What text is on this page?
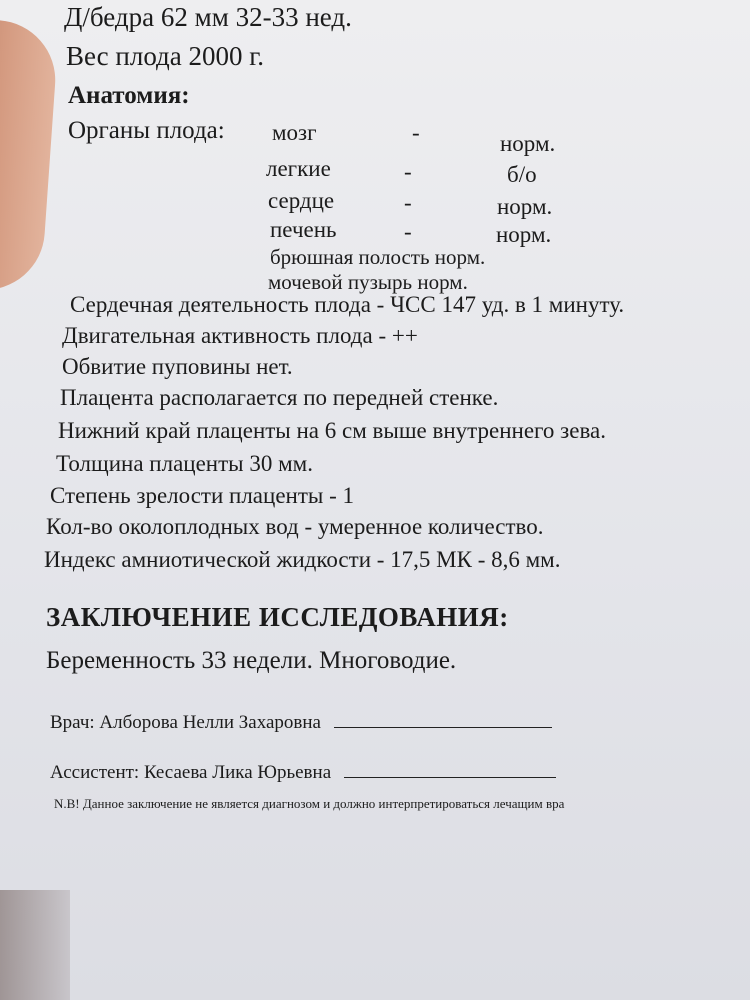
Д/бедра 62 мм 32-33 нед.
Вес плода 2000 г.
Анатомия:
Органы плода: мозг	-	норм.
легкие	-	б/о
сердце	-	норм.
печень	-	норм.
брюшная полость норм.
мочевой пузырь норм.
Сердечная деятельность плода - ЧСС 147 уд. в 1 минуту.
Двигательная активность плода - ++
Обвитие пуповины нет.
Плацента располагается по передней стенке.
Нижний край плаценты на 6 см выше внутреннего зева.
Толщина плаценты 30 мм.
Степень зрелости плаценты - 1
Кол-во околоплодных вод - умеренное количество.
Индекс амниотической жидкости - 17,5 МК - 8,6 мм.
ЗАКЛЮЧЕНИЕ ИССЛЕДОВАНИЯ:
Беременность 33 недели. Многоводие.
Врач: Алборова Нелли Захаровна
Ассистент: Кесаева Лика Юрьевна
N.B! Данное заключение не является диагнозом и должно интерпретироваться лечащим вра
